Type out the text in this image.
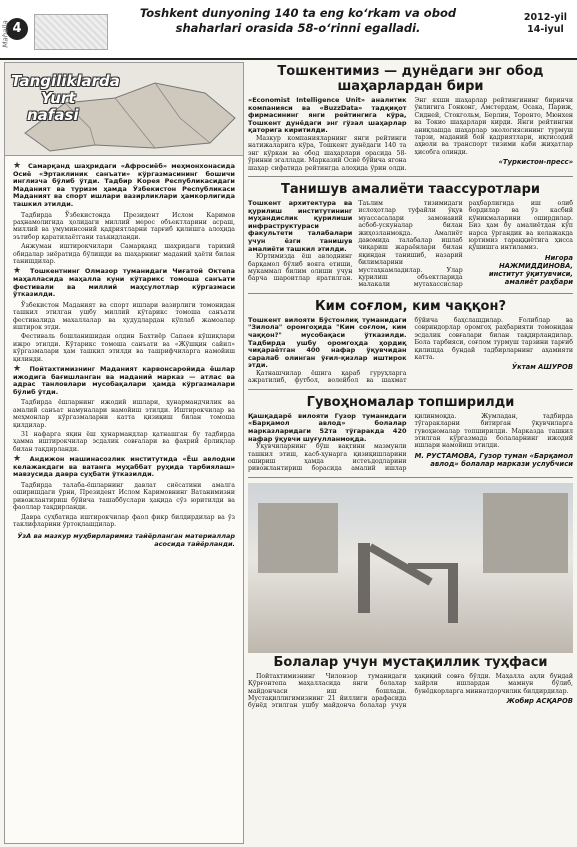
4
Mahalla
Toshkent dunyoning 140 ta eng ko‘rkam va obod shaharlari orasida 58-o‘rinni egalladi.
2012-yil
14-iyul
Tangiliklarda
Yurt
nafasi
★ Самарқанд шаҳридаги «Афросиёб» меҳмонхонасида Осиё «Эртаклиник санъати» кўргазмасининг бошичи инглизча бўлиб ўтди. Тадбир Корея Республикасидаги Маданият ва туризм ҳамда Ўзбекистон Республикаси Маданият ва спорт ишлари вазирликлари ҳамкорлигида ташкил этилди.

Тадбирда Ўзбекистонда Президент Ислом Каримов раҳнамолигида ҳолидаги миллий мерос объектларини асраш, миллий ва умуминсоний қадриятларни тарғиб қилишга алоҳида эътибор қаратилаётгани таъкидланди.

Анжуман иштирокчилари Самарқанд шаҳридаги тарихий обидалар зиёратида бўлишди ва шаҳарнинг маданий ҳаёти билан танишдилар.

★ Тошкентнинг Олмазор туманидаги Чиғатой Октепа маҳалласида маҳалла куни кўтарикс томоша санъати фестивали ва миллий маҳсулотлар кўргазмаси ўтказилди.

Ўзбекистон Маданият ва спорт ишлари вазирлиги томонидан ташкил этилган ушбу миллий кўтарикс томоша санъати фестивалида махаллалар ва ҳудудлардан кўплаб жамоалар иштирок этди.

Фестиваль бошланишидан олдин Бахтиёр Сапаев кўшиқлари ижро этилди. Кўтарикс томоша санъати ва «Жўшқин сайил» кўргазмалари ҳам ташкил этилди ва ташрифчиларга намойиш қилинди.

★ Пойтахтимизнинг Маданият карвонсаройида ёшлар ижодига бағишланган ва маданий марказ — атлас ва адрас танловлари мусобақалари ҳамда кўргазмалари бўлиб ўтди.

Тадбирда ёшларнинг ижодий ишлари, ҳунармандчилик ва амалий санъат намуналари намойиш этилди. Иштирокчилар ва меҳмонлар кўргазмаларни катта қизиқиш билан томоша қилдилар.

31 нафарга яқин ёш ҳунармандлар қатнашган бу тадбирда ҳамма иштирокчилар эсдалик совғалари ва фахрий ёрлиқлар билан тақдирланди.

★ Андижон машинасозлик институтида «Ёш авлодни келажакдаги ва ватанга муҳаббат руҳида тарбиялаш» мавзусида давра суҳбати ўтказилди.

Тадбирда талаба-ёшларнинг давлат сиёсатини амалга оширишдаги ўрни, Президент Ислом Каримовнинг Ватанимизни ривожлантириш бўйича ташаббуслари ҳақида сўз юритилди ва фаоллар тақдирланди.

Давра суҳбатида иштирокчилар фаол фикр билдирдилар ва ўз таклифларини ўртоқлашдилар.

ЎзА ва мазкур муҳбирларимиз тайёрланган материаллар асосида тайёрланди.
Тошкентимиз — дунёдаги энг обод шаҳарлардан бири
«Economist Intelligence Unit» аналитик компанияси ва «BuzzData» тадқиқот фирмасининг янги рейтингига кўра, Тошкент дунёдаги энг гўзал шаҳарлар қаторига киритилди.

Мазкур компанияларнинг янги рейтинги натижаларига кўра, Тошкент дунёдаги 140 та энг кўркам ва обод шаҳарлари орасида 58-ўринни эгаллади. Марказий Осиё бўйича ягона шаҳар сифатида рейтингда алоҳида ўрин олди. Энг яхши шаҳарлар рейтингининг биринчи ўнлигига Гонконг, Амстердам, Осака, Париж, Сидней, Стокгольм, Берлин, Торонто, Мюнхен ва Токио шаҳарлари кирди. Янги рейтингни аниқлашда шаҳарлар экологиясининг турмуш тарзи, маданий бой қадриятлари, иқтисодий аҳволи ва транспорт тизими каби жиҳатлар ҳисобга олинди.

«Туркистон-пресс»
Танишув амалиёти таассуротлари
Тошкент архитектура ва қурилиш институтининг муҳандислик қурилиши инфраструктураси факультети талабалари учун ёзги танишув амалиёти ташкил этилди.

Юртимизда ёш авлоднинг барқамол бўлиб вояга етиши, мукаммал билим олиши учун барча шароитлар яратилган. Таълим тизимидаги ислоҳотлар туфайли ўқув муассасалари замонавий асбоб-ускуналар билан жиҳозланмоқда. Амалиёт давомида талабалар ишлаб чиқариш жараёнлари билан яқиндан танишиб, назарий билимларини мустаҳкамладилар. Улар қурилиш объектларида малакали мутахассислар раҳбарлигида иш олиб бордилар ва ўз касбий кўникмаларини оширдилар. Биз ҳам бу амалиётдан кўп нарса ўргандик ва келажакда юртимиз тараққиётига ҳисса қўшишга интиламиз.

Нигора НАЖМИДДИНОВА, институт ўқитувчиси, амалиёт раҳбари
Ким соғлом, ким чаққон?
Тошкент вилояти Бўстонлиқ туманидаги "Зилола" оромгоҳида "Ким соғлом, ким чаққон?" мусобақаси ўтказилди. Тадбирда ушбу оромгоҳда ҳордиқ чиқараётган 400 нафар ўқувчидан саралаб олинган ўғил-қизлар иштирок этди.

Қатнашчилар ёшига қараб гуруҳларга ажратилиб, футбол, волейбол ва шахмат бўйича баҳслашдилар. Ғолиблар ва совриндорлар оромгоҳ раҳбарияти томонидан эсдалик совғалари билан тақдирландилар. Бола тарбияси, соғлом турмуш тарзини тарғиб қилишда бундай тадбирларнинг аҳамияти катта.

Ўктам АШУРОВ
Гувоҳномалар топширилди
Қашқадарё вилояти Гузор туманидаги «Барқамол авлод» болалар марказларидаги 52та тўгаракда 420 нафар ўқувчи шуғулланмоқда.

Ўқувчиларнинг бўш вақтини мазмунли ташкил этиш, касб-ҳунарга қизиқишларини ошириш ҳамда истеъдодларини ривожлантириш борасида амалий ишлар қилинмоқда. Жумладан, тадбирда тўгаракларни битирган ўқувчиларга гувоҳномалар топширилди. Марказда ташкил этилган кўргазмада болаларнинг ижодий ишлари намойиш этилди.

М. РУСТАМОВА, Гузор туман «Барқамол авлод» болалар маркази услубчиси
Болалар учун мустақиллик туҳфаси

Пойтахтимизнинг Чилонзор туманидаги Қўрғонтепа маҳалласида янги болалар майдончаси иш бошлади. Мустақиллигимизнинг 21 йиллиги арафасида бунёд этилган ушбу майдонча болалар учун ҳақиқий совға бўлди. Маҳалла аҳли бундай хайрли ишлардан мамнун бўлиб, бунёдкорларга миннатдорчилик билдирдилар.

Жобир АСҚАРОВ
